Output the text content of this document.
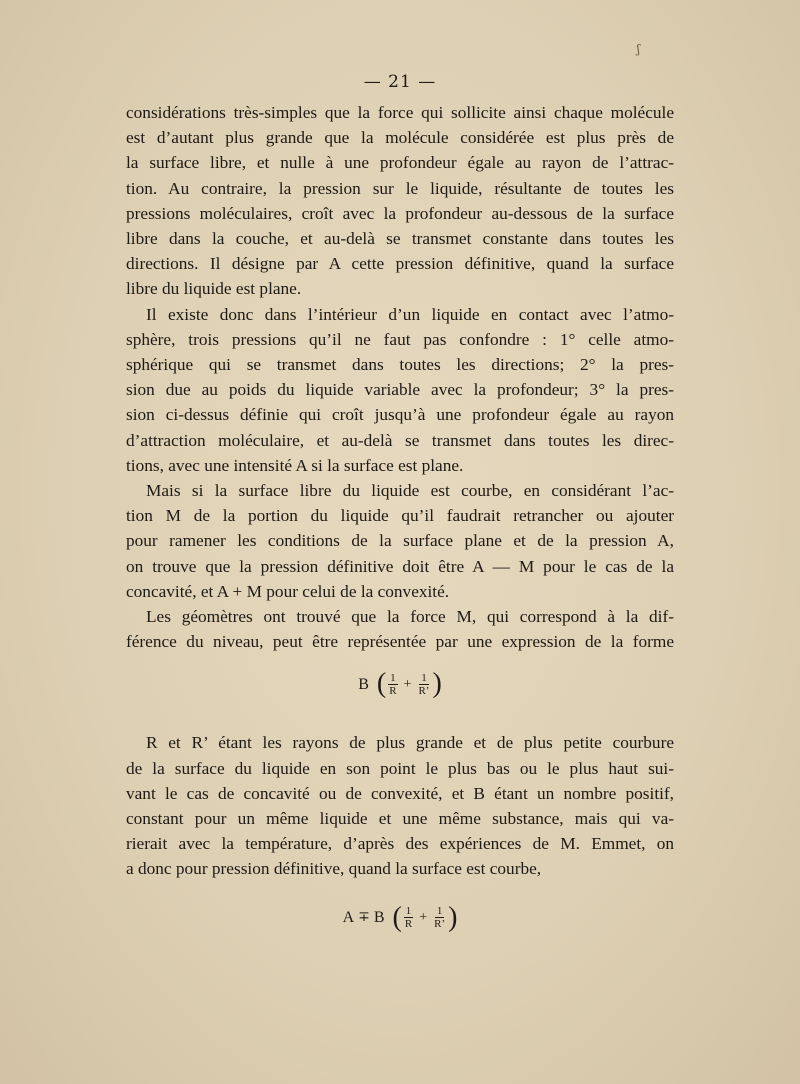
ʃ
— 21 —

considérations très-simples que la force qui sollicite ainsi chaque molécule
est d’autant plus grande que la molécule considérée est plus près de
la surface libre, et nulle à une profondeur égale au rayon de l’attrac-
tion. Au contraire, la pression sur le liquide, résultante de toutes les
pressions moléculaires, croît avec la profondeur au-dessous de la surface
libre dans la couche, et au-delà se transmet constante dans toutes les
directions. Il désigne par A cette pression définitive, quand la surface
libre du liquide est plane.

Il existe donc dans l’intérieur d’un liquide en contact avec l’atmo-
sphère, trois pressions qu’il ne faut pas confondre : 1° celle atmo-
sphérique qui se transmet dans toutes les directions; 2° la pres-
sion due au poids du liquide variable avec la profondeur; 3° la pres-
sion ci-dessus définie qui croît jusqu’à une profondeur égale au rayon
d’attraction moléculaire, et au-delà se transmet dans toutes les direc-
tions, avec une intensité A si la surface est plane.

Mais si la surface libre du liquide est courbe, en considérant l’ac-
tion M de la portion du liquide qu’il faudrait retrancher ou ajouter
pour ramener les conditions de la surface plane et de la pression A,
on trouve que la pression définitive doit être A — M pour le cas de la
concavité, et A + M pour celui de la convexité.

Les géomètres ont trouvé que la force M, qui correspond à la dif-
férence du niveau, peut être représentée par une expression de la forme

B ( $\frac{1}{R} + \frac{1}{R’}$ )

R et R’ étant les rayons de plus grande et de plus petite courbure
de la surface du liquide en son point le plus bas ou le plus haut sui-
vant le cas de concavité ou de convexité, et B étant un nombre positif,
constant pour un même liquide et une même substance, mais qui va-
rierait avec la température, d’après des expériences de M. Emmet, on
a donc pour pression définitive, quand la surface est courbe,

A ∓ B ( $\frac{1}{R} + \frac{1}{R’}$ )
